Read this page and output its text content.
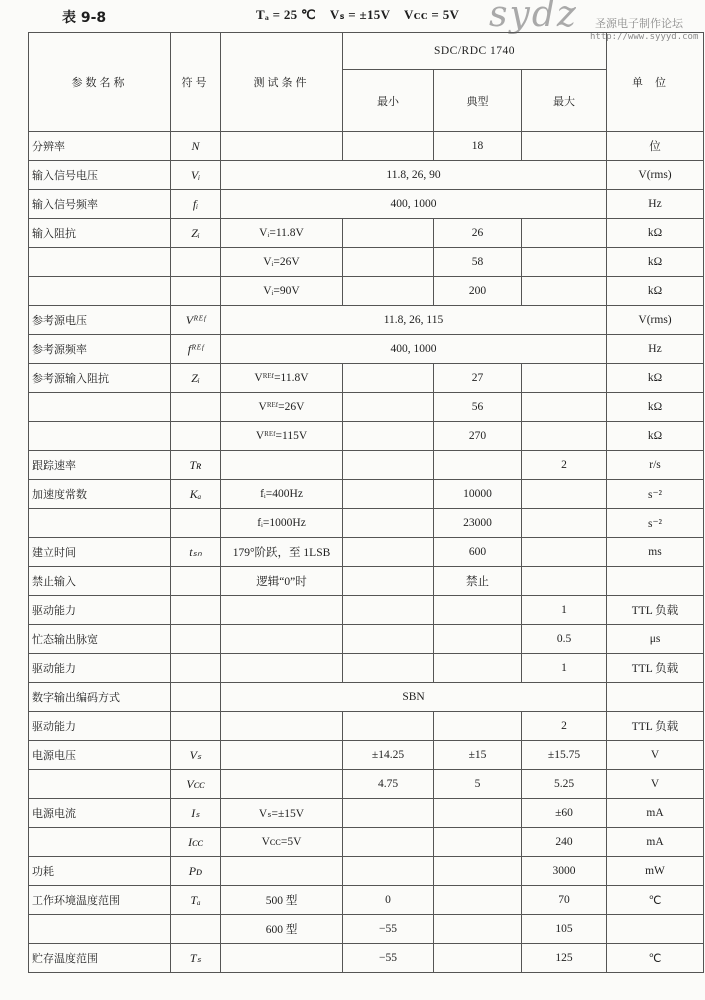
表 9-8	Tₐ = 25 ℃    Vₛ = ±15V    Vᴄᴄ = 5V sydz 圣源电子制作论坛
http://www.syyyd.com
参数名称	符号	测试条件	SDC/RDC 1740			单位
			最小	典型	最大	
分辨率	N			18		位
输入信号电压	Vᵢ	11.8, 26, 90				V(rms)
输入信号频率	fᵢ	400, 1000				Hz
输入阻抗	Zᵢ	Vᵢ=11.8V		26		kΩ
		Vᵢ=26V		58		kΩ
		Vᵢ=90V		200		kΩ
参考源电压	Vᴿᴱᶠ	11.8, 26, 115				V(rms)
参考源频率	fᴿᴱᶠ	400, 1000				Hz
参考源输入阻抗	Zᵢ	Vᴿᴱᶠ=11.8V		27		kΩ
		Vᴿᴱᶠ=26V		56		kΩ
		Vᴿᴱᶠ=115V		270		kΩ
跟踪速率	Tʀ				2	r/s
加速度常数	Kₐ	fᵢ=400Hz		10000		s⁻²
		fᵢ=1000Hz		23000		s⁻²
建立时间	tₛₙ	179°阶跃，至 1LSB		600		ms
禁止输入		逻辑“0”时		禁止		
驱动能力					1	TTL 负载
忙态输出脉宽					0.5	μs
驱动能力					1	TTL 负载
数字输出编码方式		SBN				
驱动能力					2	TTL 负载
电源电压	Vₛ		±14.25	±15	±15.75	V
	Vᴄᴄ		4.75	5	5.25	V
电源电流	Iₛ	Vₛ=±15V			±60	mA
	Iᴄᴄ	Vᴄᴄ=5V			240	mA
功耗	Pᴅ				3000	mW
工作环境温度范围	Tₐ	500 型	0		70	℃
		600 型	−55		105	
贮存温度范围	Tₛ		−55		125	℃
